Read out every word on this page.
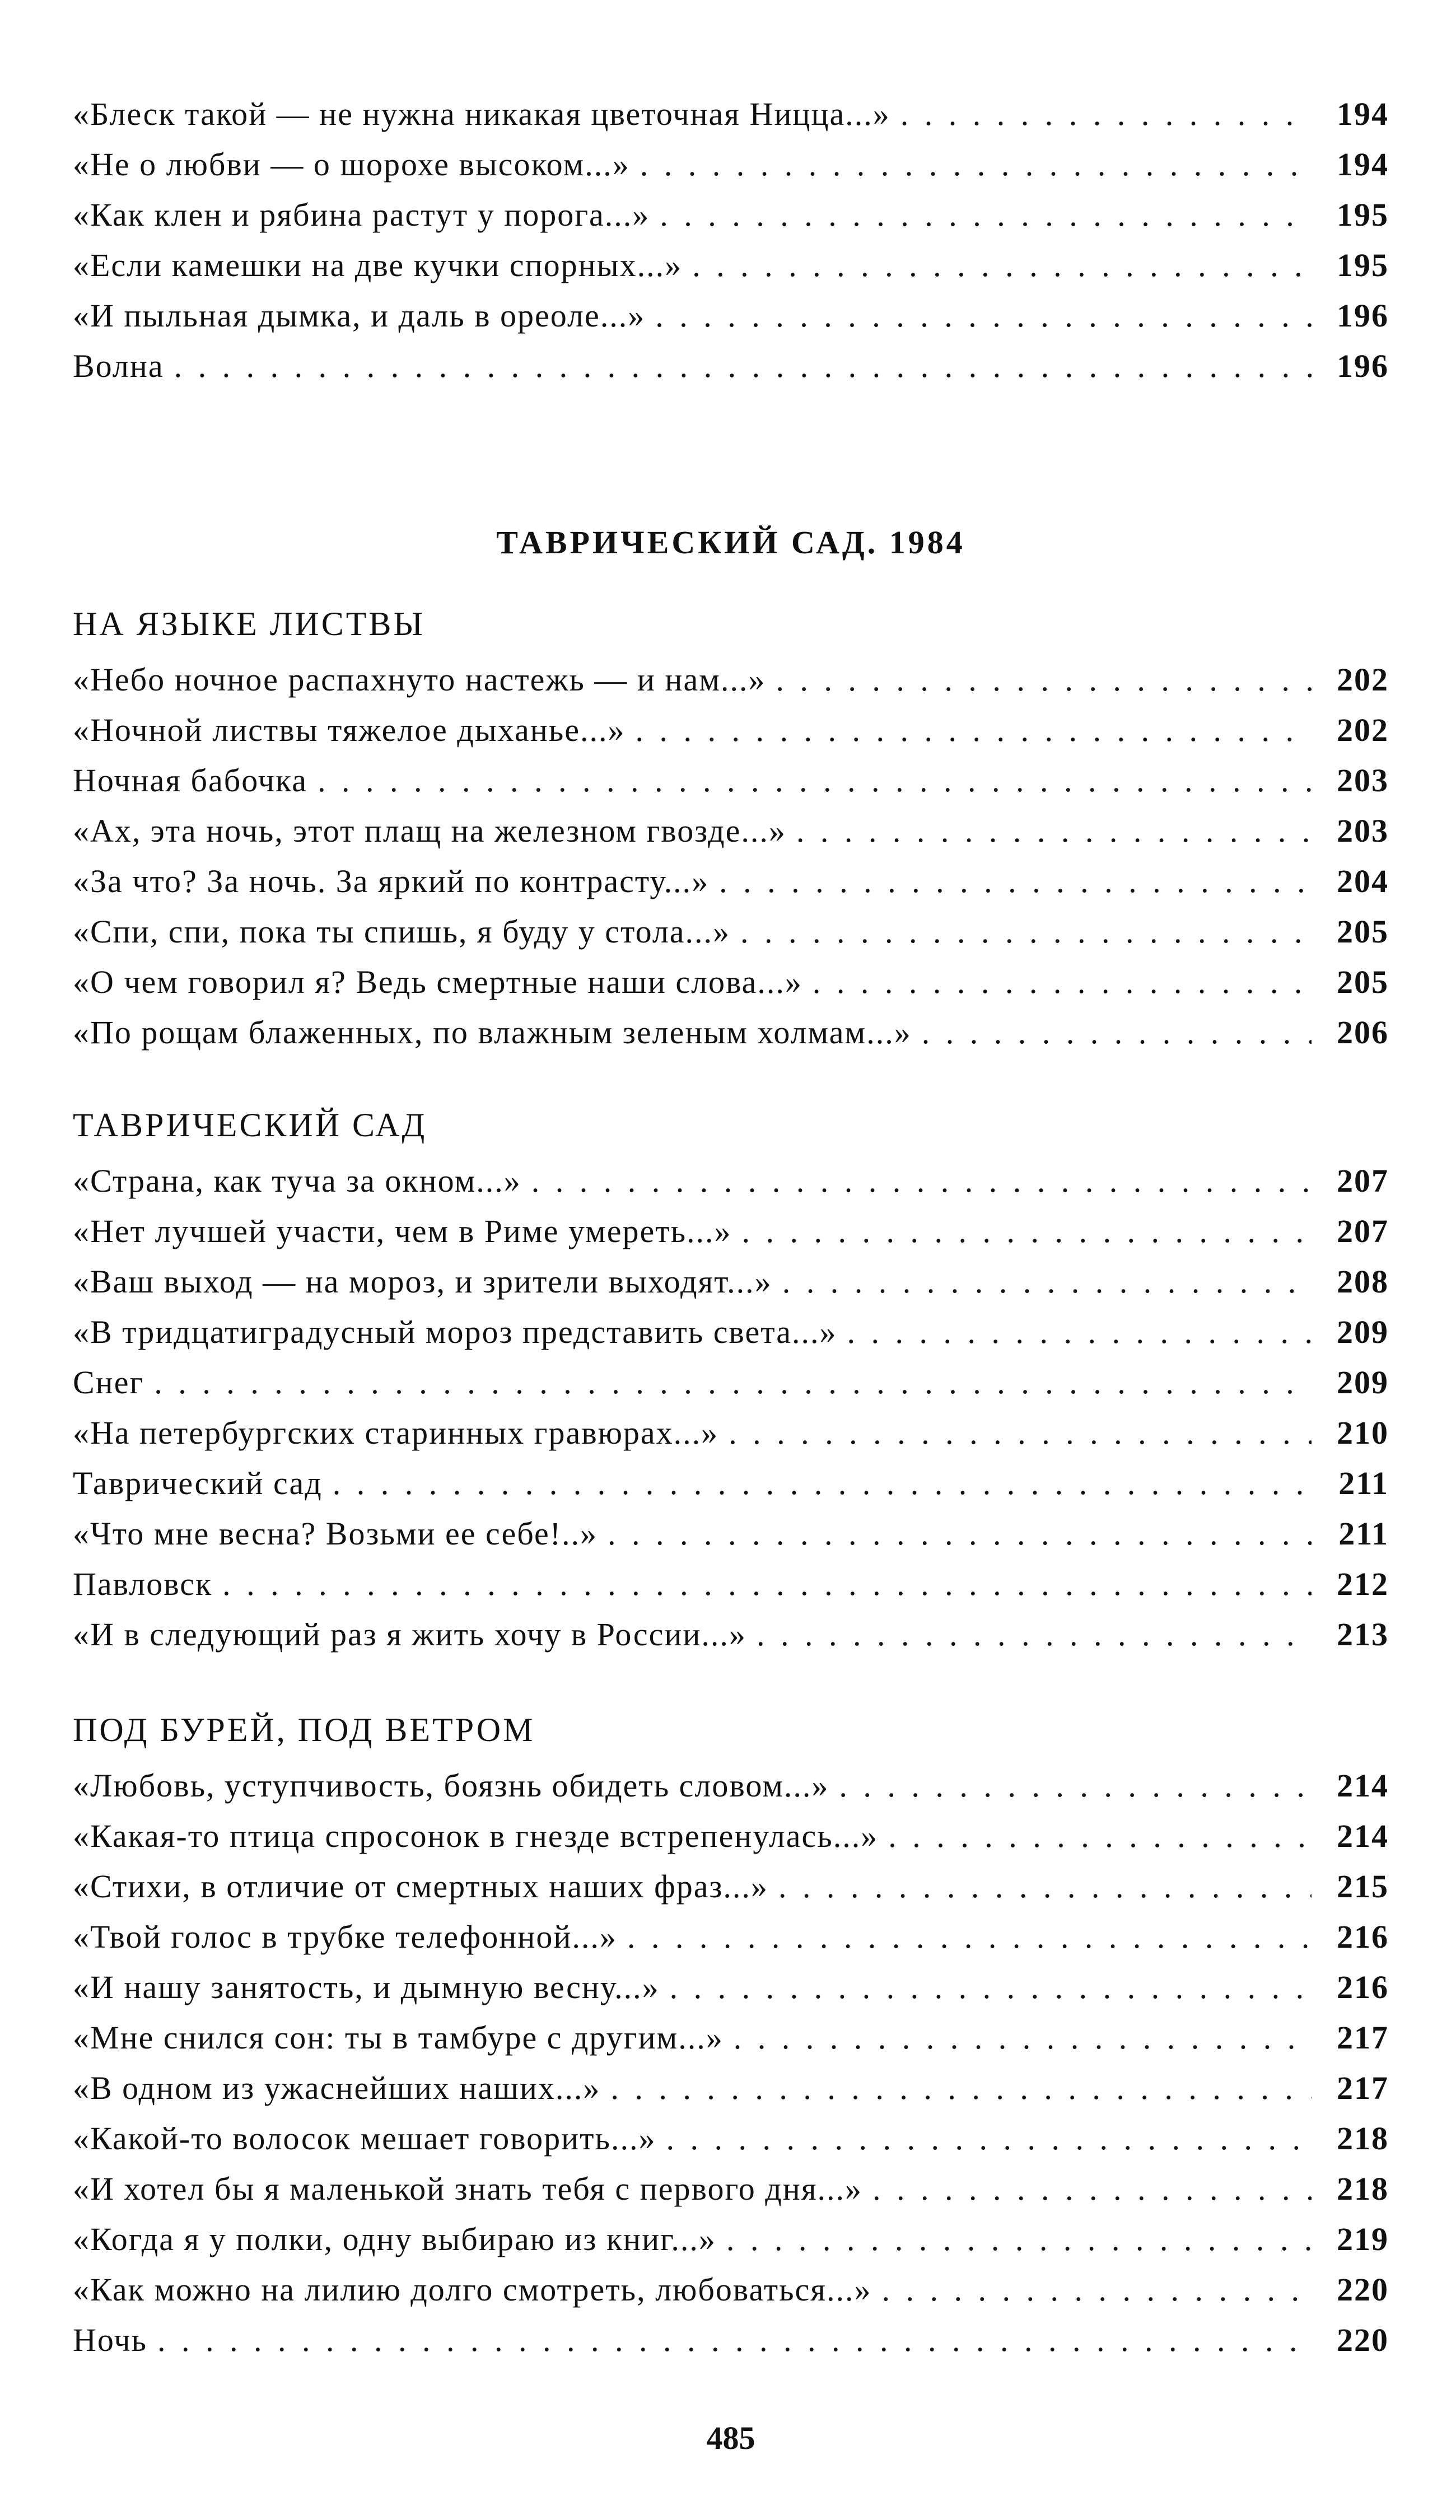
«Блеск такой — не нужна никакая цветочная Ницца...» . . .	194
«Не о любви — о шорохе высоком...» . . .	194
«Как клен и рябина растут у порога...» . . .	195
«Если камешки на две кучки спорных...» . . .	195
«И пыльная дымка, и даль в ореоле...» . . .	196
Волна . . .	196
ТАВРИЧЕСКИЙ САД. 1984
НА ЯЗЫКЕ ЛИСТВЫ
«Небо ночное распахнуто настежь — и нам...» . . .	202
«Ночной листвы тяжелое дыханье...» . . .	202
Ночная бабочка . . .	203
«Ах, эта ночь, этот плащ на железном гвозде...» . . .	203
«За что? За ночь. За яркий по контрасту...» . . .	204
«Спи, спи, пока ты спишь, я буду у стола...» . . .	205
«О чем говорил я? Ведь смертные наши слова...» . . .	205
«По рощам блаженных, по влажным зеленым холмам...» . . .	206
ТАВРИЧЕСКИЙ САД
«Страна, как туча за окном...» . . .	207
«Нет лучшей участи, чем в Риме умереть...» . . .	207
«Ваш выход — на мороз, и зрители выходят...» . . .	208
«В тридцатиградусный мороз представить света...» . . .	209
Снег . . .	209
«На петербургских старинных гравюрах...» . . .	210
Таврический сад . . .	211
«Что мне весна? Возьми ее себе!..» . . .	211
Павловск . . .	212
«И в следующий раз я жить хочу в России...» . . .	213
ПОД БУРЕЙ, ПОД ВЕТРОМ
«Любовь, уступчивость, боязнь обидеть словом...» . . .	214
«Какая-то птица спросонок в гнезде встрепенулась...» . . .	214
«Стихи, в отличие от смертных наших фраз...» . . .	215
«Твой голос в трубке телефонной...» . . .	216
«И нашу занятость, и дымную весну...» . . .	216
«Мне снился сон: ты в тамбуре с другим...» . . .	217
«В одном из ужаснейших наших...» . . .	217
«Какой-то волосок мешает говорить...» . . .	218
«И хотел бы я маленькой знать тебя с первого дня...» . . .	218
«Когда я у полки, одну выбираю из книг...» . . .	219
«Как можно на лилию долго смотреть, любоваться...» . . .	220
Ночь . . .	220
485
